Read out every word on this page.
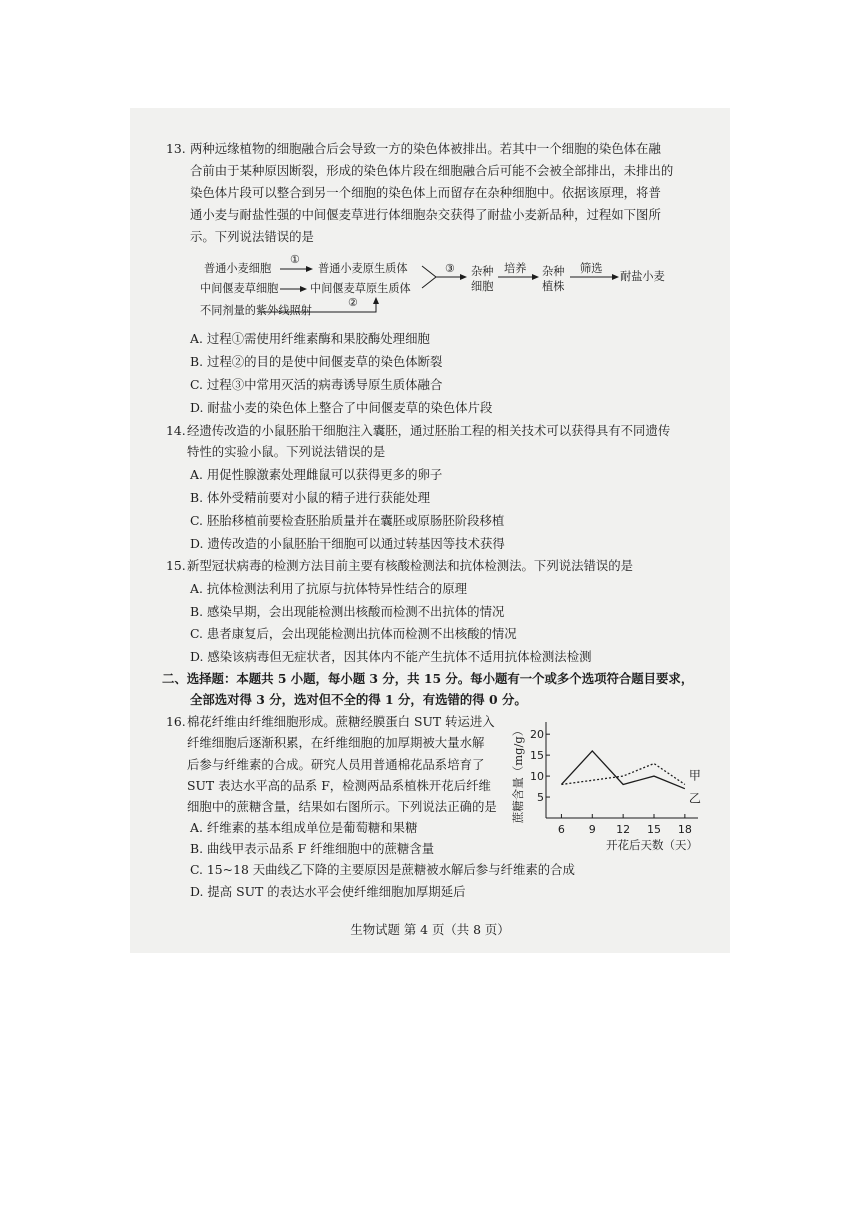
13. 两种远缘植物的细胞融合后会导致一方的染色体被排出。若其中一个细胞的染色体在融
合前由于某种原因断裂，形成的染色体片段在细胞融合后可能不会被全部排出，未排出的
染色体片段可以整合到另一个细胞的染色体上而留存在杂种细胞中。依据该原理，将普
通小麦与耐盐性强的中间偃麦草进行体细胞杂交获得了耐盐小麦新品种，过程如下图所
示。下列说法错误的是
普通小麦细胞
①
普通小麦原生质体
中间偃麦草细胞	中间偃麦草原生质体
不同剂量的紫外线照射
②
③ 杂种
细胞
培养 杂种
植株
筛选
耐盐小麦
A. 过程①需使用纤维素酶和果胶酶处理细胞
B. 过程②的目的是使中间偃麦草的染色体断裂
C. 过程③中常用灭活的病毒诱导原生质体融合
D. 耐盐小麦的染色体上整合了中间偃麦草的染色体片段
14. 经遗传改造的小鼠胚胎干细胞注入囊胚，通过胚胎工程的相关技术可以获得具有不同遗传
特性的实验小鼠。下列说法错误的是
A. 用促性腺激素处理雌鼠可以获得更多的卵子
B. 体外受精前要对小鼠的精子进行获能处理
C. 胚胎移植前要检查胚胎质量并在囊胚或原肠胚阶段移植
D. 遗传改造的小鼠胚胎干细胞可以通过转基因等技术获得
15. 新型冠状病毒的检测方法目前主要有核酸检测法和抗体检测法。下列说法错误的是
A. 抗体检测法利用了抗原与抗体特异性结合的原理
B. 感染早期，会出现能检测出核酸而检测不出抗体的情况
C. 患者康复后，会出现能检测出抗体而检测不出核酸的情况
D. 感染该病毒但无症状者，因其体内不能产生抗体不适用抗体检测法检测
二、选择题：本题共 5 小题，每小题 3 分，共 15 分。每小题有一个或多个选项符合题目要求，
全部选对得 3 分，选对但不全的得 1 分，有选错的得 0 分。
16. 棉花纤维由纤维细胞形成。蔗糖经膜蛋白 SUT 转运进入
纤维细胞后逐渐积累，在纤维细胞的加厚期被大量水解
后参与纤维素的合成。研究人员用普通棉花品系培育了
SUT 表达水平高的品系 F，检测两品系植株开花后纤维
细胞中的蔗糖含量，结果如右图所示。下列说法正确的是
A. 纤维素的基本组成单位是葡萄糖和果糖
B. 曲线甲表示品系 F 纤维细胞中的蔗糖含量
C. 15~18 天曲线乙下降的主要原因是蔗糖被水解后参与纤维素的合成
D. 提高 SUT 的表达水平会使纤维细胞加厚期延后
5
10
15
20
6 9 12 15 18
开花后天数（天）
蔗糖含量（mg/g）	甲
乙
生物试题 第 4 页（共 8 页）
